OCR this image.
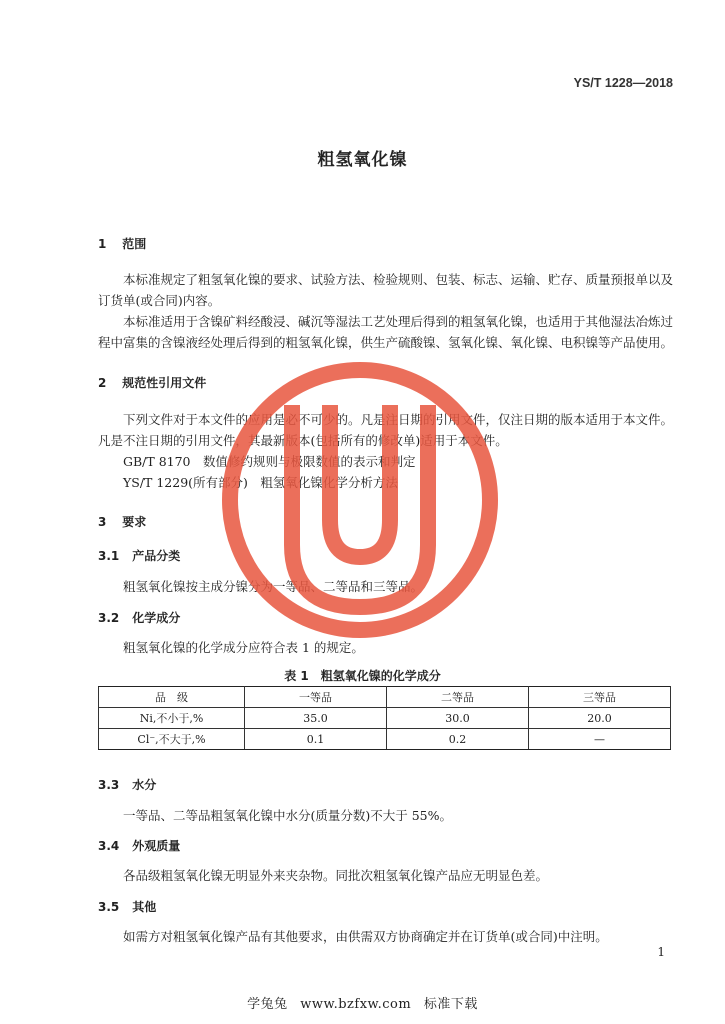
YS/T 1228—2018
粗氢氧化镍
1 范围
本标准规定了粗氢氧化镍的要求、试验方法、检验规则、包装、标志、运输、贮存、质量预报单以及订货单(或合同)内容。
本标准适用于含镍矿料经酸浸、碱沉等湿法工艺处理后得到的粗氢氧化镍，也适用于其他湿法冶炼过程中富集的含镍液经处理后得到的粗氢氧化镍，供生产硫酸镍、氢氧化镍、氧化镍、电积镍等产品使用。
2 规范性引用文件
下列文件对于本文件的应用是必不可少的。凡是注日期的引用文件，仅注日期的版本适用于本文件。凡是不注日期的引用文件，其最新版本(包括所有的修改单)适用于本文件。
GB/T 8170　数值修约规则与极限数值的表示和判定
YS/T 1229(所有部分)　粗氢氧化镍化学分析方法
3 要求
3.1 产品分类
粗氢氧化镍按主成分镍分为一等品、二等品和三等品。
3.2 化学成分
粗氢氧化镍的化学成分应符合表 1 的规定。
表 1　粗氢氧化镍的化学成分
品　级	一等品	二等品	三等品
Ni,不小于,%	35.0	30.0	20.0
Cl⁻,不大于,%	0.1	0.2	—
3.3 水分
一等品、二等品粗氢氧化镍中水分(质量分数)不大于 55%。
3.4 外观质量
各品级粗氢氧化镍无明显外来夹杂物。同批次粗氢氧化镍产品应无明显色差。
3.5 其他
如需方对粗氢氧化镍产品有其他要求，由供需双方协商确定并在订货单(或合同)中注明。
1
学兔兔 www.bzfxw.com 标准下载
